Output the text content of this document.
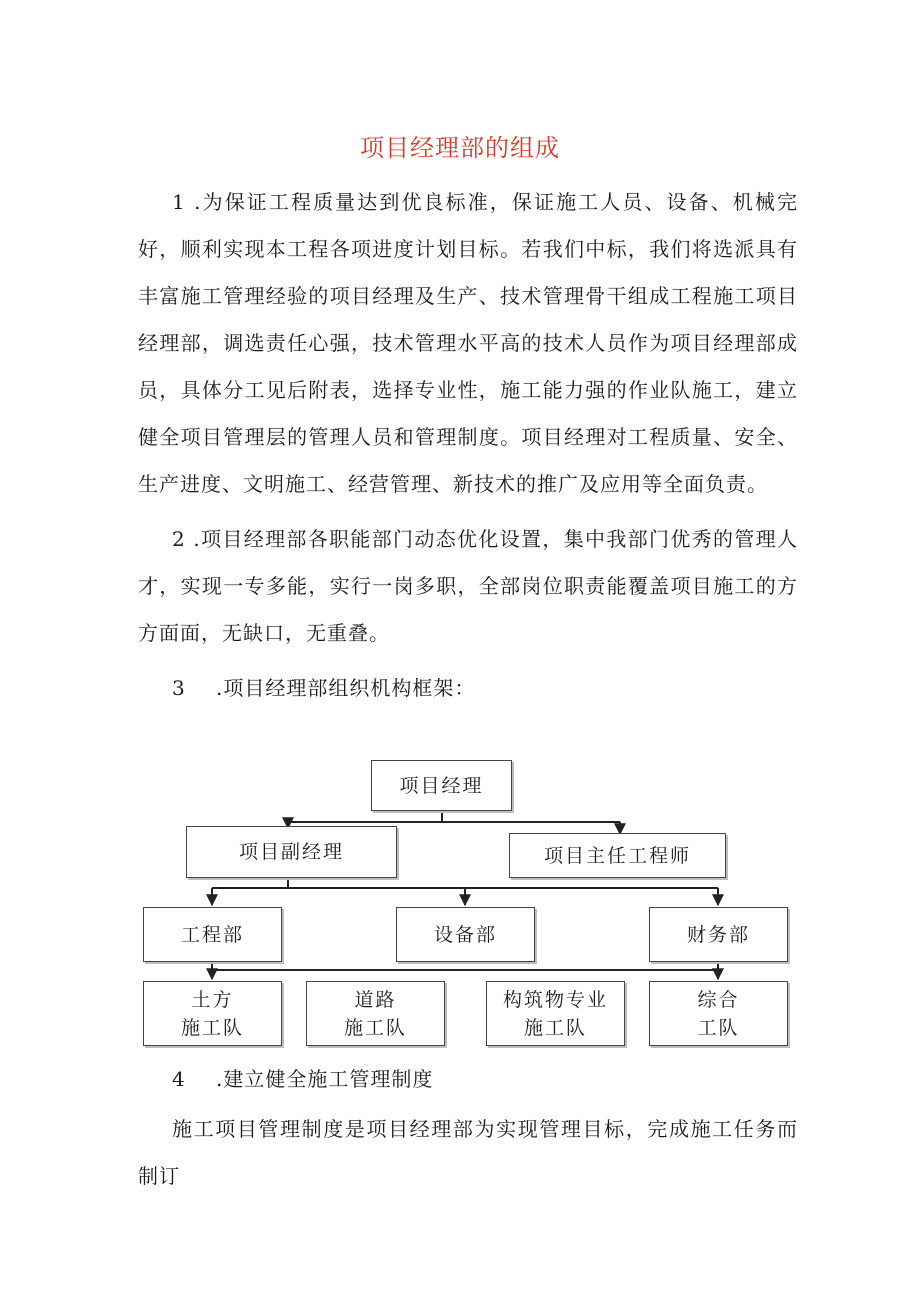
项目经理部的组成

1 .为保证工程质量达到优良标准，保证施工人员、设备、机械完好，顺利实现本工程各项进度计划目标。若我们中标，我们将选派具有丰富施工管理经验的项目经理及生产、技术管理骨干组成工程施工项目经理部，调选责任心强，技术管理水平高的技术人员作为项目经理部成员，具体分工见后附表，选择专业性，施工能力强的作业队施工，建立健全项目管理层的管理人员和管理制度。项目经理对工程质量、安全、生产进度、文明施工、经营管理、新技术的推广及应用等全面负责。

2 .项目经理部各职能部门动态优化设置，集中我部门优秀的管理人才，实现一专多能，实行一岗多职，全部岗位职责能覆盖项目施工的方方面面，无缺口，无重叠。

3 .项目经理部组织机构框架：

项目经理
项目副经理	项目主任工程师
工程部	设备部	财务部
土方
施工队
道路
施工队
构筑物专业
施工队
综合
工队

4 .建立健全施工管理制度

施工项目管理制度是项目经理部为实现管理目标，完成施工任务而制订
